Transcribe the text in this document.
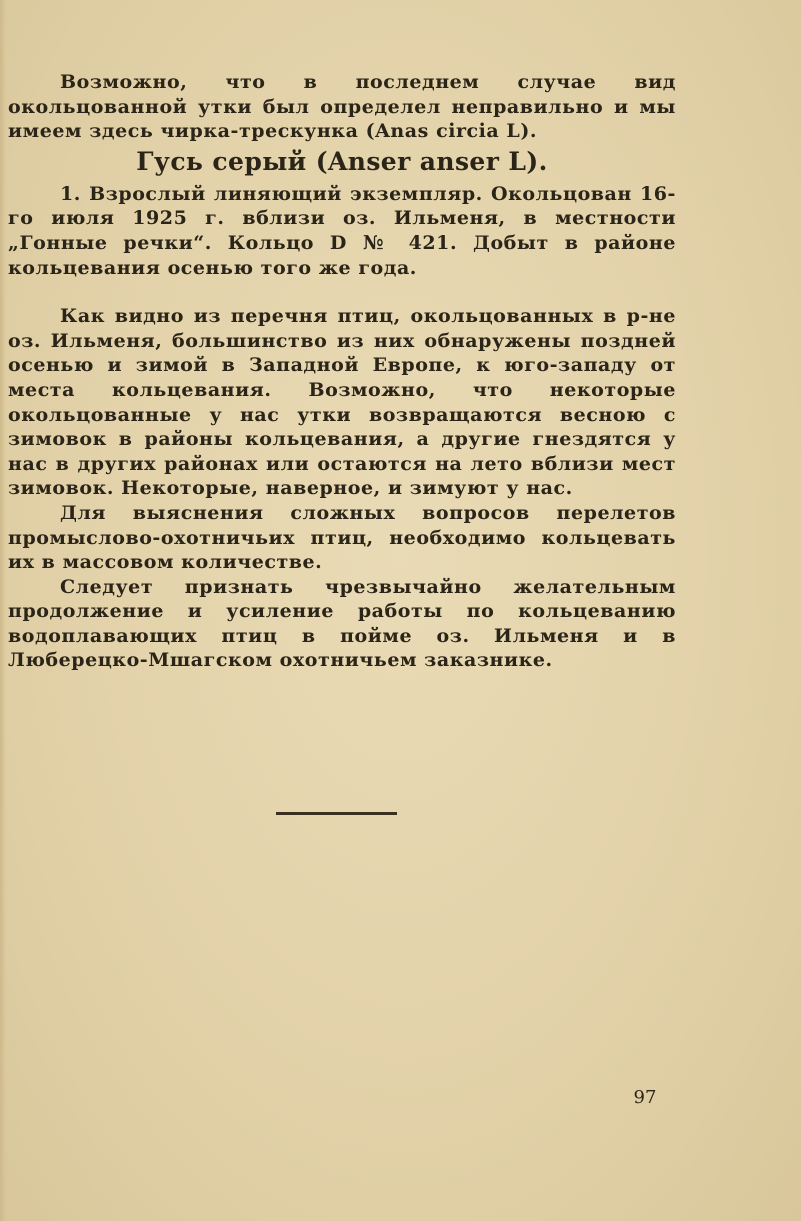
Возможно, что в последнем случае вид окольцованной утки был определел неправильно и мы имеем здесь чирка-трескунка (Anas circia L).

Гусь серый (Anser anser L).

1. Взрослый линяющий экземпляр. Окольцован 16-го июля 1925 г. вблизи оз. Ильменя, в местности „Гонные речки“. Кольцо D № 421. Добыт в районе кольцевания осенью того же года.

Как видно из перечня птиц, окольцованных в р-не оз. Ильменя, большинство из них обнаружены поздней осенью и зимой в Западной Европе, к юго-западу от места кольцевания. Возможно, что некоторые окольцованные у нас утки возвращаются весною с зимовок в районы кольцевания, а другие гнездятся у нас в других районах или остаются на лето вблизи мест зимовок. Некоторые, наверное, и зимуют у нас.

Для выяснения сложных вопросов перелетов промыслово-охотничьих птиц, необходимо кольцевать их в массовом количестве.

Следует признать чрезвычайно желательным продолжение и усиление работы по кольцеванию водоплавающих птиц в пойме оз. Ильменя и в Люберецко-Мшагском охотничьем заказнике.

97
